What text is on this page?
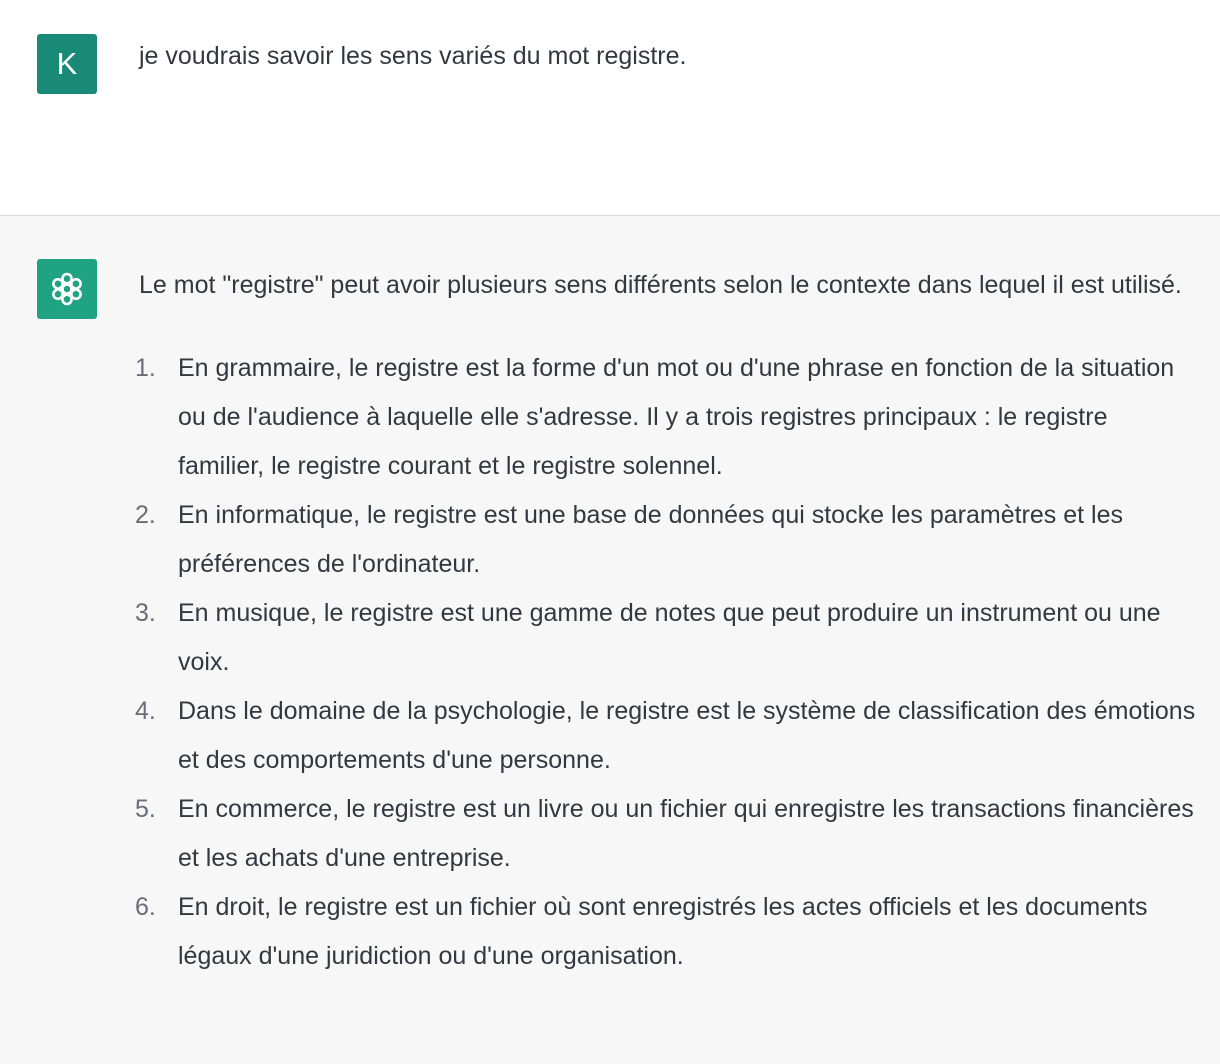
K je voudrais savoir les sens variés du mot registre.

Le mot "registre" peut avoir plusieurs sens différents selon le contexte dans lequel il est utilisé.

1. En grammaire, le registre est la forme d'un mot ou d'une phrase en fonction de la situation ou de l'audience à laquelle elle s'adresse. Il y a trois registres principaux : le registre familier, le registre courant et le registre solennel.
2. En informatique, le registre est une base de données qui stocke les paramètres et les préférences de l'ordinateur.
3. En musique, le registre est une gamme de notes que peut produire un instrument ou une voix.
4. Dans le domaine de la psychologie, le registre est le système de classification des émotions et des comportements d'une personne.
5. En commerce, le registre est un livre ou un fichier qui enregistre les transactions financières et les achats d'une entreprise.
6. En droit, le registre est un fichier où sont enregistrés les actes officiels et les documents légaux d'une juridiction ou d'une organisation.
